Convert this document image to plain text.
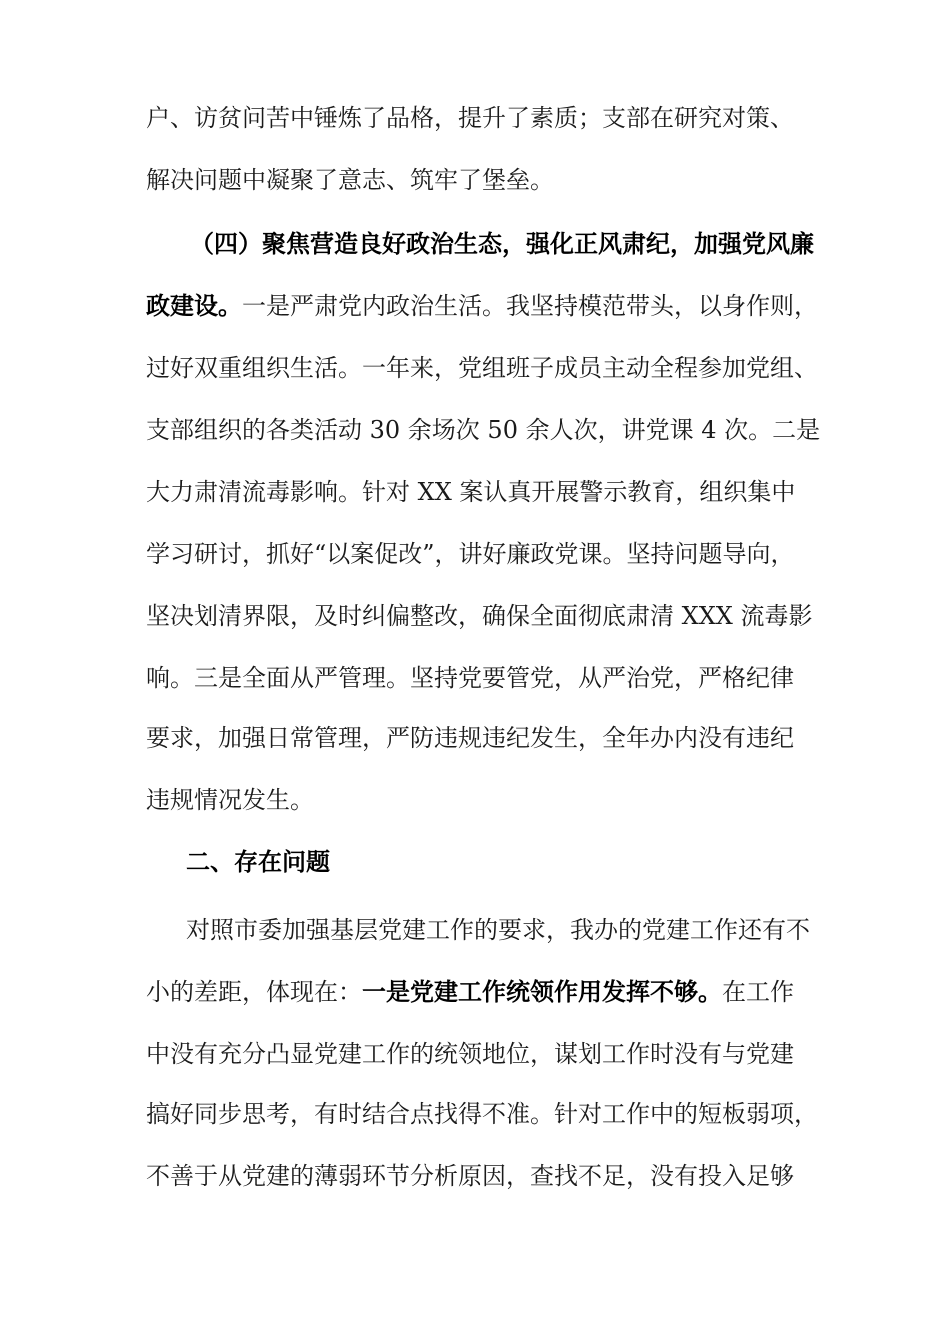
户、访贫问苦中锤炼了品格，提升了素质；支部在研究对策、
解决问题中凝聚了意志、筑牢了堡垒。
（四）聚焦营造良好政治生态，强化正风肃纪，加强党风廉
政建设。一是严肃党内政治生活。我坚持模范带头，以身作则，
过好双重组织生活。一年来，党组班子成员主动全程参加党组、
支部组织的各类活动 30 余场次 50 余人次，讲党课 4 次。二是
大力肃清流毒影响。针对 XX 案认真开展警示教育，组织集中
学习研讨，抓好“以案促改”，讲好廉政党课。坚持问题导向，
坚决划清界限，及时纠偏整改，确保全面彻底肃清 XXX 流毒影
响。三是全面从严管理。坚持党要管党，从严治党，严格纪律
要求，加强日常管理，严防违规违纪发生，全年办内没有违纪
违规情况发生。
二、存在问题
对照市委加强基层党建工作的要求，我办的党建工作还有不
小的差距，体现在：一是党建工作统领作用发挥不够。在工作
中没有充分凸显党建工作的统领地位，谋划工作时没有与党建
搞好同步思考，有时结合点找得不准。针对工作中的短板弱项，
不善于从党建的薄弱环节分析原因，查找不足，没有投入足够
